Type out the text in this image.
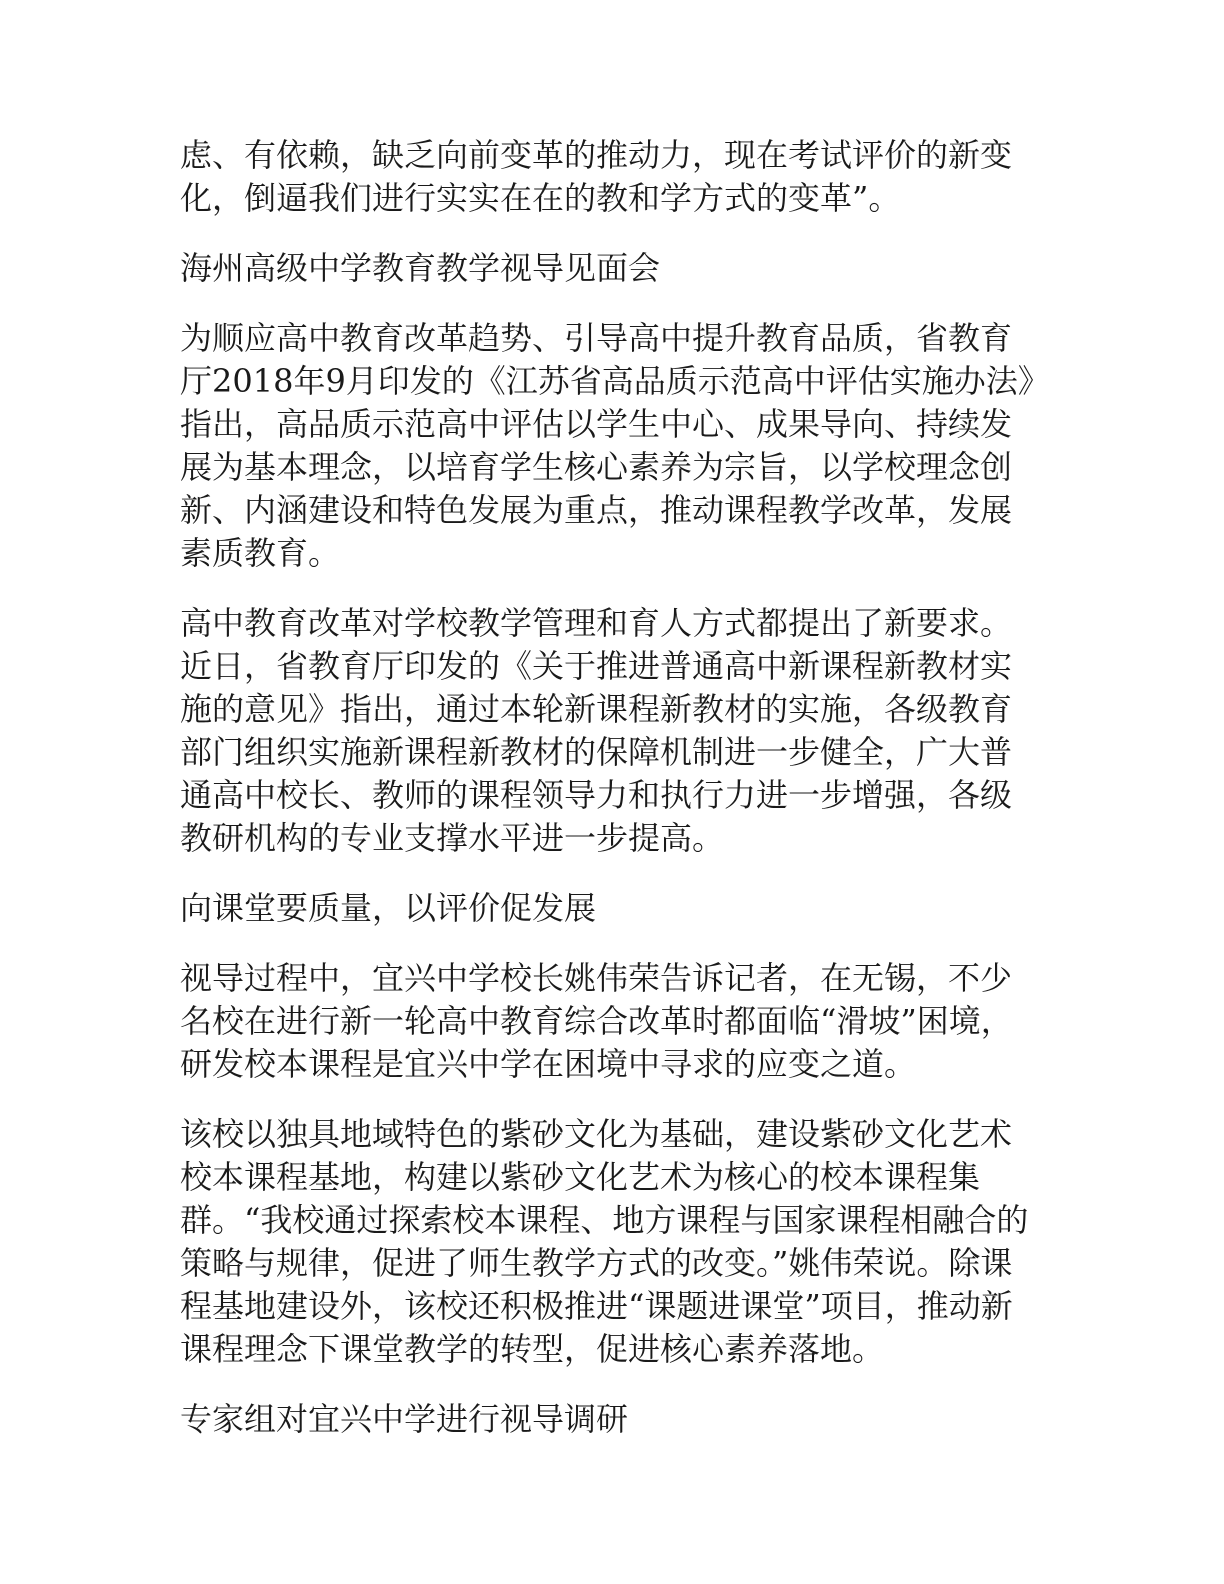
虑、有依赖，缺乏向前变革的推动力，现在考试评价的新变化，倒逼我们进行实实在在的教和学方式的变革”。

海州高级中学教育教学视导见面会

为顺应高中教育改革趋势、引导高中提升教育品质，省教育厅2018年9月印发的《江苏省高品质示范高中评估实施办法》指出，高品质示范高中评估以学生中心、成果导向、持续发展为基本理念，以培育学生核心素养为宗旨，以学校理念创新、内涵建设和特色发展为重点，推动课程教学改革，发展素质教育。

高中教育改革对学校教学管理和育人方式都提出了新要求。近日，省教育厅印发的《关于推进普通高中新课程新教材实施的意见》指出，通过本轮新课程新教材的实施，各级教育部门组织实施新课程新教材的保障机制进一步健全，广大普通高中校长、教师的课程领导力和执行力进一步增强，各级教研机构的专业支撑水平进一步提高。

向课堂要质量，以评价促发展

视导过程中，宜兴中学校长姚伟荣告诉记者，在无锡，不少名校在进行新一轮高中教育综合改革时都面临“滑坡”困境，研发校本课程是宜兴中学在困境中寻求的应变之道。

该校以独具地域特色的紫砂文化为基础，建设紫砂文化艺术校本课程基地，构建以紫砂文化艺术为核心的校本课程集群。“我校通过探索校本课程、地方课程与国家课程相融合的策略与规律，促进了师生教学方式的改变。”姚伟荣说。除课程基地建设外，该校还积极推进“课题进课堂”项目，推动新课程理念下课堂教学的转型，促进核心素养落地。

专家组对宜兴中学进行视导调研
